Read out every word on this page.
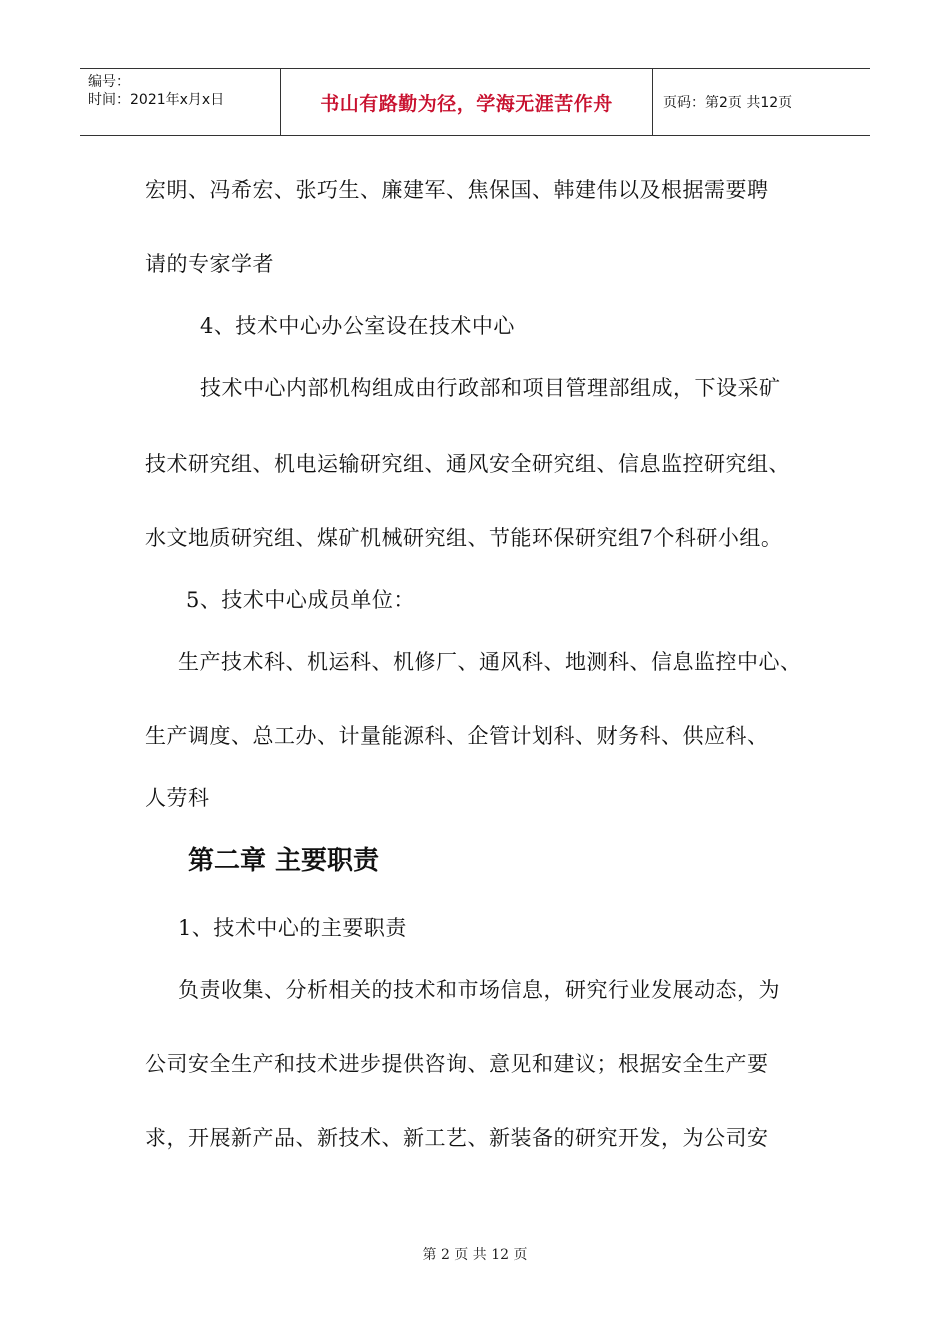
编号：
时间：2021年x月x日	书山有路勤为径，学海无涯苦作舟	页码：第2页 共12页
宏明、冯希宏、张巧生、廉建军、焦保国、韩建伟以及根据需要聘
请的专家学者
4、技术中心办公室设在技术中心
技术中心内部机构组成由行政部和项目管理部组成，下设采矿
技术研究组、机电运输研究组、通风安全研究组、信息监控研究组、
水文地质研究组、煤矿机械研究组、节能环保研究组7个科研小组。
5、技术中心成员单位：
生产技术科、机运科、机修厂、通风科、地测科、信息监控中心、
生产调度、总工办、计量能源科、企管计划科、财务科、供应科、
人劳科
第二章 主要职责
1、技术中心的主要职责
负责收集、分析相关的技术和市场信息，研究行业发展动态，为
公司安全生产和技术进步提供咨询、意见和建议；根据安全生产要
求，开展新产品、新技术、新工艺、新装备的研究开发，为公司安
第 2 页 共 12 页
